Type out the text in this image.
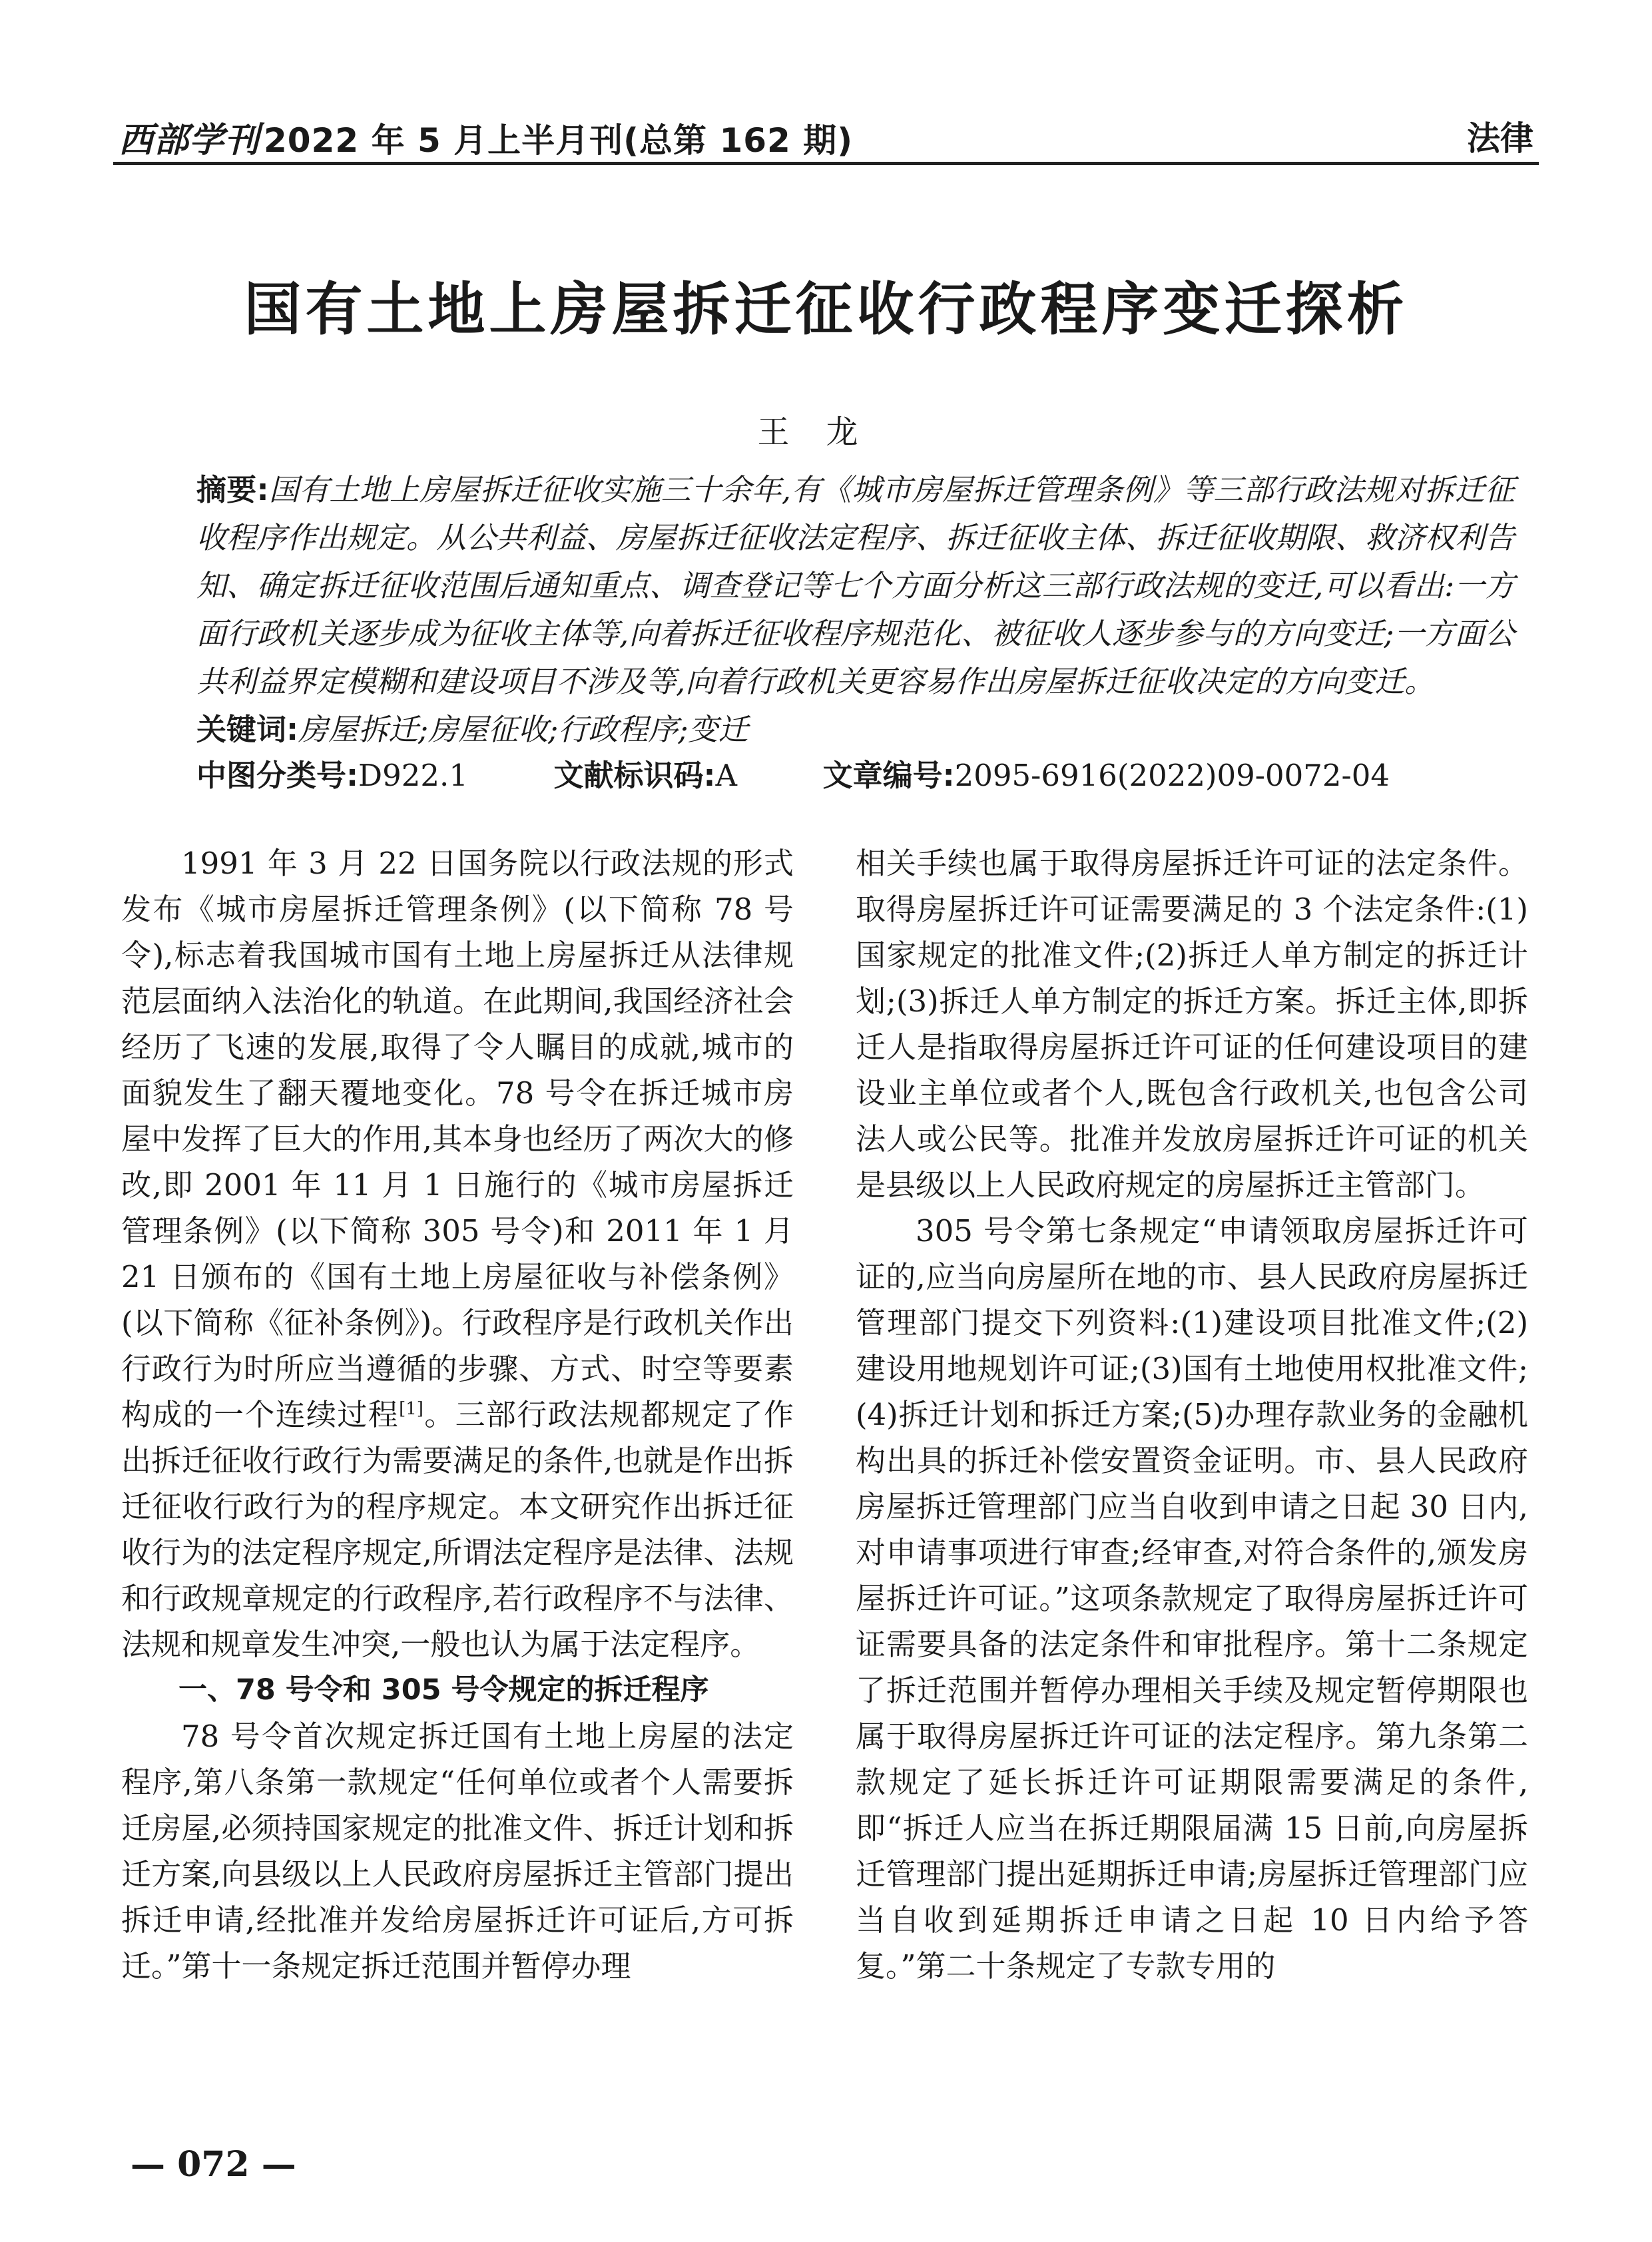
西部学刊 2022 年 5 月上半月刊(总第 162 期)	法律
国有土地上房屋拆迁征收行政程序变迁探析
王龙
摘要:国有土地上房屋拆迁征收实施三十余年,有《城市房屋拆迁管理条例》等三部行政法规对拆迁征收程序作出规定。从公共利益、房屋拆迁征收法定程序、拆迁征收主体、拆迁征收期限、救济权利告知、确定拆迁征收范围后通知重点、调查登记等七个方面分析这三部行政法规的变迁,可以看出:一方面行政机关逐步成为征收主体等,向着拆迁征收程序规范化、被征收人逐步参与的方向变迁;一方面公共利益界定模糊和建设项目不涉及等,向着行政机关更容易作出房屋拆迁征收决定的方向变迁。
关键词:房屋拆迁;房屋征收;行政程序;变迁
中图分类号:D922.1	文献标识码:A	文章编号:2095-6916(2022)09-0072-04

1991 年 3 月 22 日国务院以行政法规的形式发布《城市房屋拆迁管理条例》(以下简称 78 号令),标志着我国城市国有土地上房屋拆迁从法律规范层面纳入法治化的轨道。在此期间,我国经济社会经历了飞速的发展,取得了令人瞩目的成就,城市的面貌发生了翻天覆地变化。78 号令在拆迁城市房屋中发挥了巨大的作用,其本身也经历了两次大的修改,即 2001 年 11 月 1 日施行的《城市房屋拆迁管理条例》(以下简称 305 号令)和 2011 年 1 月 21 日颁布的《国有土地上房屋征收与补偿条例》(以下简称《征补条例》)。行政程序是行政机关作出行政行为时所应当遵循的步骤、方式、时空等要素构成的一个连续过程[1]。三部行政法规都规定了作出拆迁征收行政行为需要满足的条件,也就是作出拆迁征收行政行为的程序规定。本文研究作出拆迁征收行为的法定程序规定,所谓法定程序是法律、法规和行政规章规定的行政程序,若行政程序不与法律、法规和规章发生冲突,一般也认为属于法定程序。

一、78 号令和 305 号令规定的拆迁程序

78 号令首次规定拆迁国有土地上房屋的法定程序,第八条第一款规定“任何单位或者个人需要拆迁房屋,必须持国家规定的批准文件、拆迁计划和拆迁方案,向县级以上人民政府房屋拆迁主管部门提出拆迁申请,经批准并发给房屋拆迁许可证后,方可拆迁。”第十一条规定拆迁范围并暂停办理

相关手续也属于取得房屋拆迁许可证的法定条件。取得房屋拆迁许可证需要满足的 3 个法定条件:(1)国家规定的批准文件;(2)拆迁人单方制定的拆迁计划;(3)拆迁人单方制定的拆迁方案。拆迁主体,即拆迁人是指取得房屋拆迁许可证的任何建设项目的建设业主单位或者个人,既包含行政机关,也包含公司法人或公民等。批准并发放房屋拆迁许可证的机关是县级以上人民政府规定的房屋拆迁主管部门。

305 号令第七条规定“申请领取房屋拆迁许可证的,应当向房屋所在地的市、县人民政府房屋拆迁管理部门提交下列资料:(1)建设项目批准文件;(2)建设用地规划许可证;(3)国有土地使用权批准文件;(4)拆迁计划和拆迁方案;(5)办理存款业务的金融机构出具的拆迁补偿安置资金证明。市、县人民政府房屋拆迁管理部门应当自收到申请之日起 30 日内,对申请事项进行审查;经审查,对符合条件的,颁发房屋拆迁许可证。”这项条款规定了取得房屋拆迁许可证需要具备的法定条件和审批程序。第十二条规定了拆迁范围并暂停办理相关手续及规定暂停期限也属于取得房屋拆迁许可证的法定程序。第九条第二款规定了延长拆迁许可证期限需要满足的条件,即“拆迁人应当在拆迁期限届满 15 日前,向房屋拆迁管理部门提出延期拆迁申请;房屋拆迁管理部门应当自收到延期拆迁申请之日起 10 日内给予答复。”第二十条规定了专款专用的

— 072 —
